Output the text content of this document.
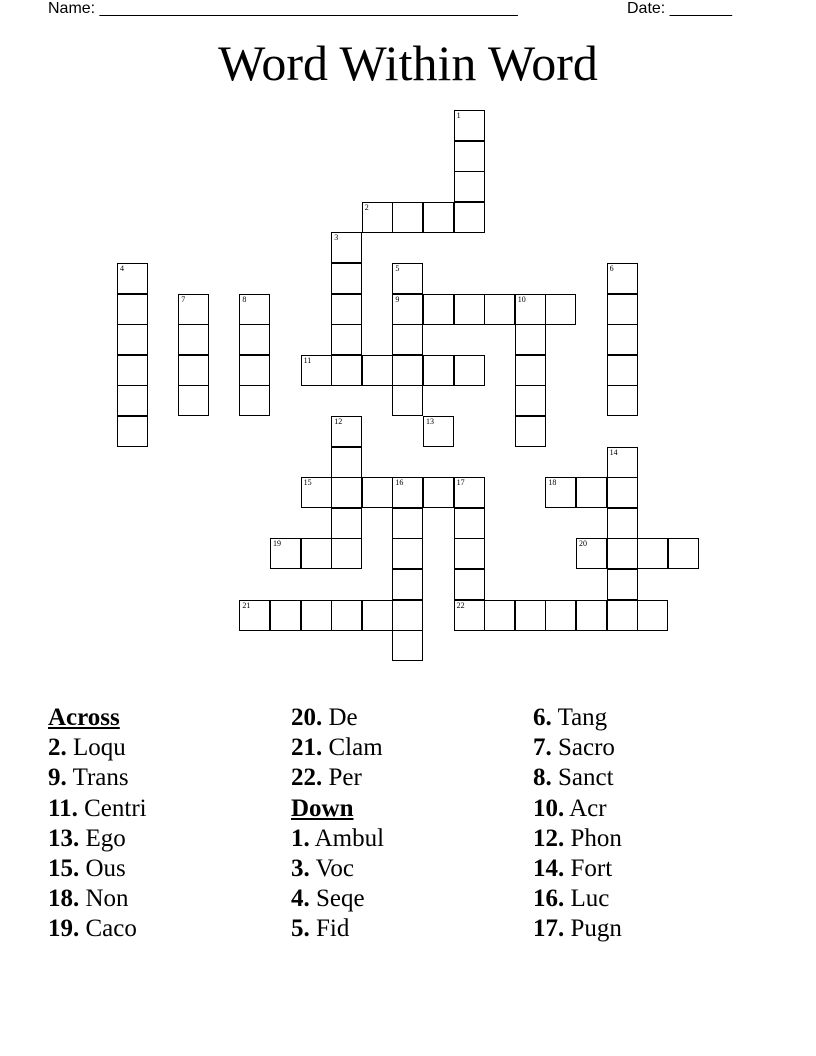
Name: _______________________________________________	Date: _______
Word Within Word
1
2
3
4	5
9
6
7	8	10
11
12	13
14
15	16	17
22
18
19	20
21
Across
2. Loqu
9. Trans
11. Centri
13. Ego
15. Ous
18. Non
19. Caco
20. De
21. Clam
22. Per
Down
1. Ambul
3. Voc
4. Seqe
5. Fid
6. Tang
7. Sacro
8. Sanct
10. Acr
12. Phon
14. Fort
16. Luc
17. Pugn
